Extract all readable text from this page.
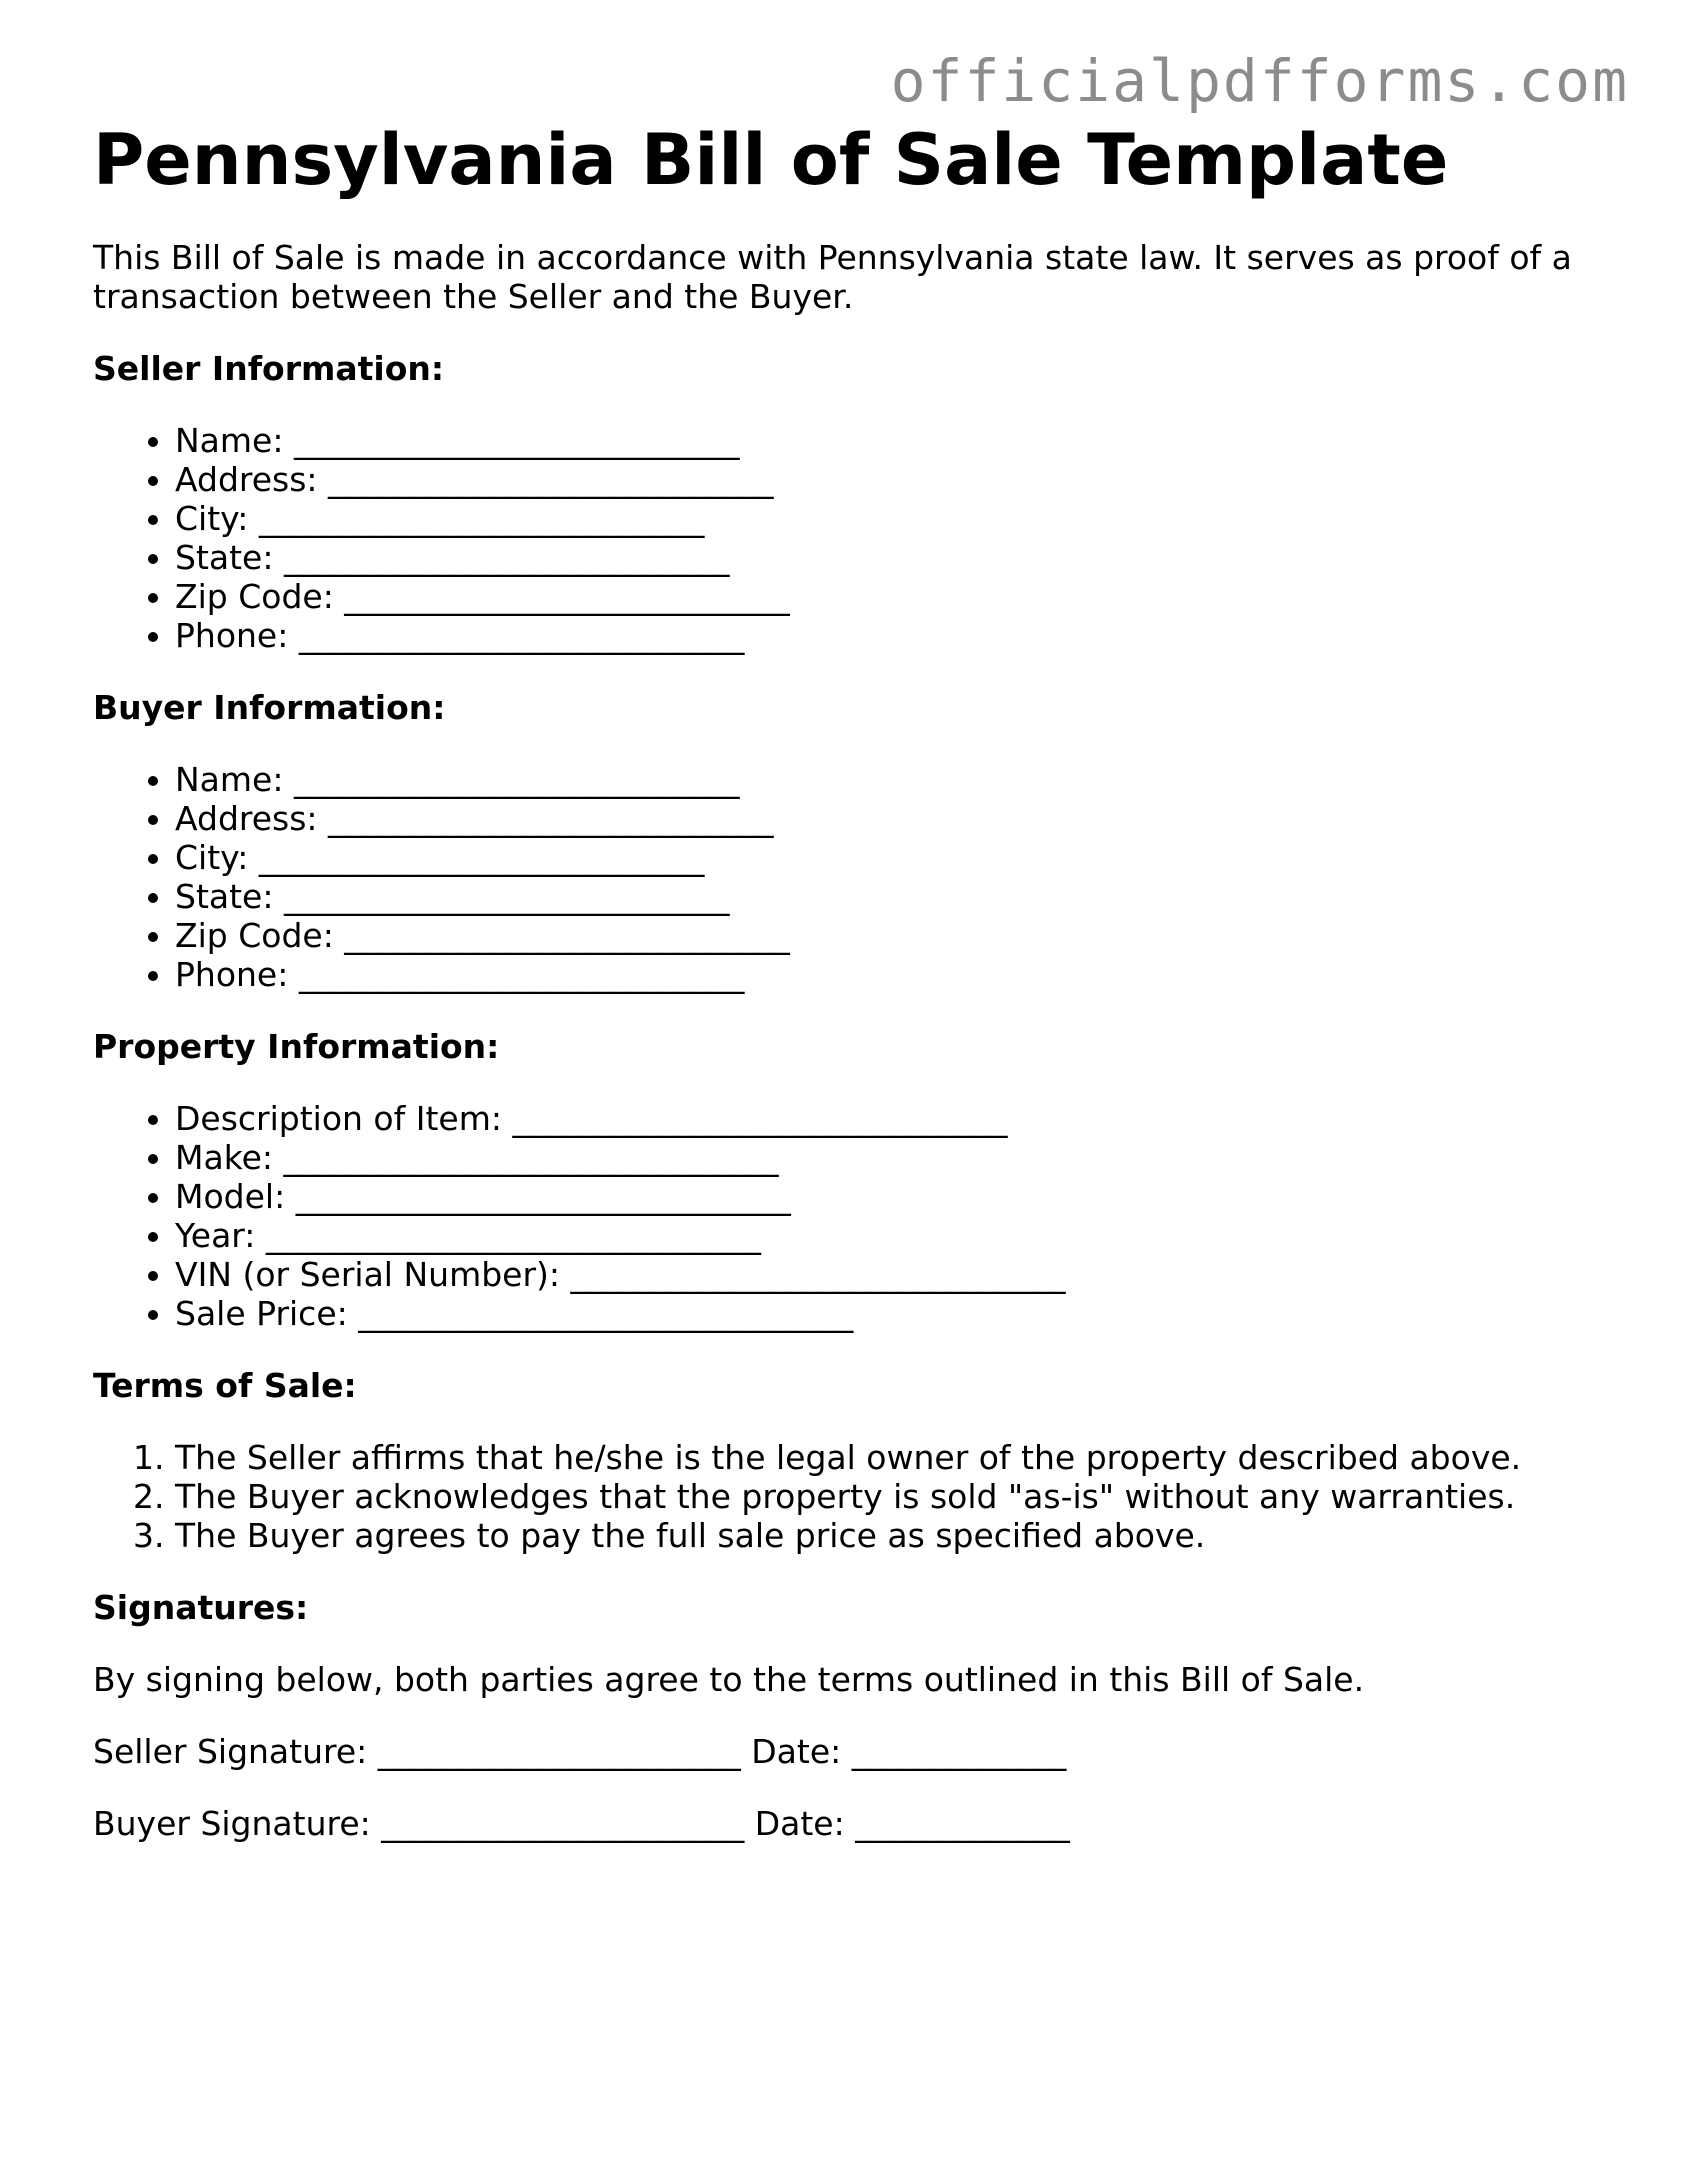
officialpdfforms.com
Pennsylvania Bill of Sale Template

This Bill of Sale is made in accordance with Pennsylvania state law. It serves as proof of a transaction between the Seller and the Buyer.

Seller Information:
• Name: ___________________________
• Address: ___________________________
• City: ___________________________
• State: ___________________________
• Zip Code: ___________________________
• Phone: ___________________________
Buyer Information:
• Name: ___________________________
• Address: ___________________________
• City: ___________________________
• State: ___________________________
• Zip Code: ___________________________
• Phone: ___________________________
Property Information:
• Description of Item: ______________________________
• Make: ______________________________
• Model: ______________________________
• Year: ______________________________
• VIN (or Serial Number): ______________________________
• Sale Price: ______________________________
Terms of Sale:
1. The Seller affirms that he/she is the legal owner of the property described above.
2. The Buyer acknowledges that the property is sold "as-is" without any warranties.
3. The Buyer agrees to pay the full sale price as specified above.
Signatures:

By signing below, both parties agree to the terms outlined in this Bill of Sale.

Seller Signature: ______________________ Date: _____________

Buyer Signature: ______________________ Date: _____________
